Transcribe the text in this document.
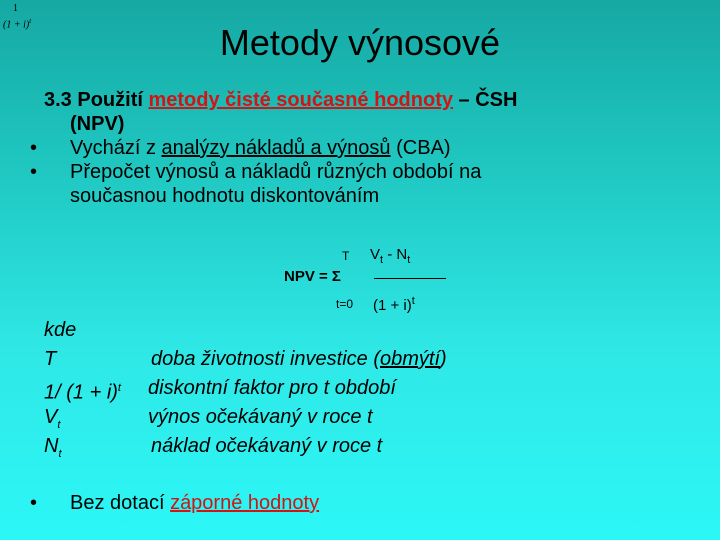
1
$(1 + i)^t$
Metody výnosové

3.3 Použití metody čisté současné hodnoty – ČSH
(NPV)

• Vychází z analýzy nákladů a výnosů (CBA)

• Přepočet výnosů a nákladů různých období na
současnou hodnotu diskontováním

T $V_t - N_t$
NPV = Σ
t=0 $(1 + i)^t$
kde
T	doba životnosti investice (obmýtí)
1/ $(1 + i)^t$ diskontní faktor pro t období
$V_t$	výnos očekávaný v roce t
$N_t$	náklad očekávaný v roce t
• Bez dotací záporné hodnoty
